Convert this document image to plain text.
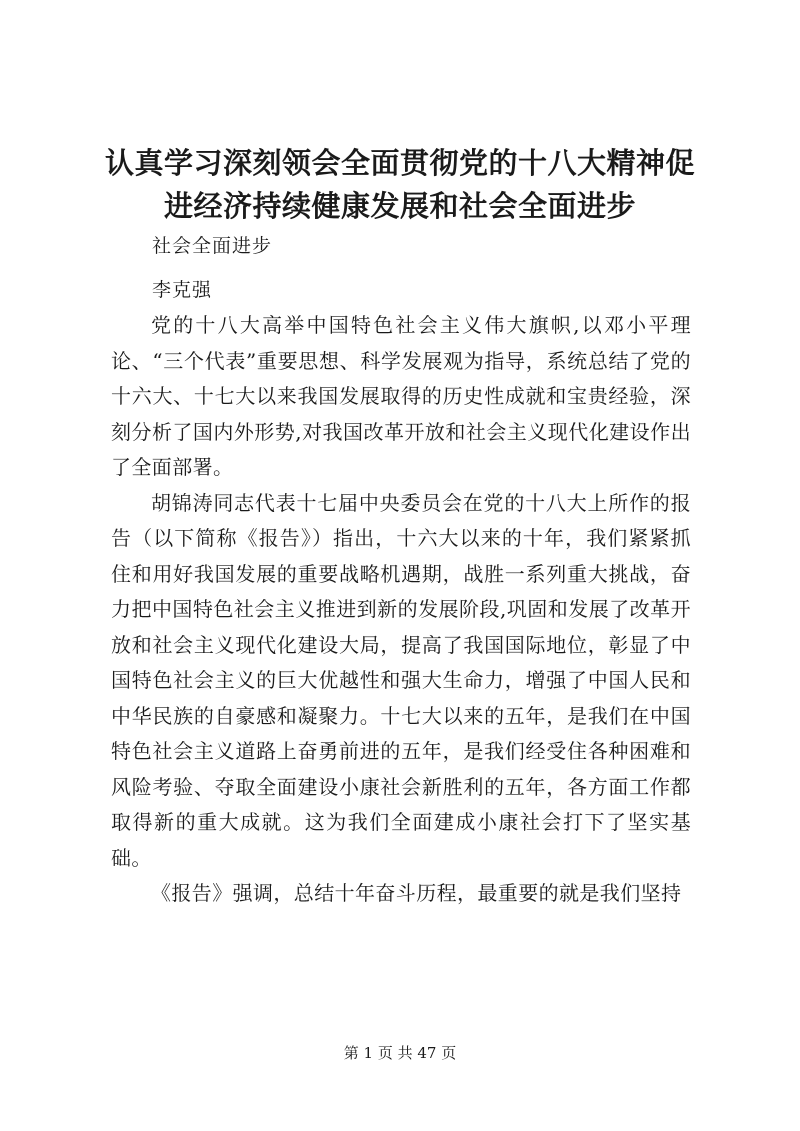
认真学习深刻领会全面贯彻党的十八大精神促进经济持续健康发展和社会全面进步

社会全面进步

李克强

党的十八大高举中国特色社会主义伟大旗帜,以邓小平理论、“三个代表”重要思想、科学发展观为指导，系统总结了党的十六大、十七大以来我国发展取得的历史性成就和宝贵经验，深刻分析了国内外形势,对我国改革开放和社会主义现代化建设作出了全面部署。

胡锦涛同志代表十七届中央委员会在党的十八大上所作的报告（以下简称《报告》）指出，十六大以来的十年，我们紧紧抓住和用好我国发展的重要战略机遇期，战胜一系列重大挑战，奋力把中国特色社会主义推进到新的发展阶段,巩固和发展了改革开放和社会主义现代化建设大局，提高了我国国际地位，彰显了中国特色社会主义的巨大优越性和强大生命力，增强了中国人民和中华民族的自豪感和凝聚力。十七大以来的五年，是我们在中国特色社会主义道路上奋勇前进的五年，是我们经受住各种困难和风险考验、夺取全面建设小康社会新胜利的五年，各方面工作都取得新的重大成就。这为我们全面建成小康社会打下了坚实基础。

《报告》强调，总结十年奋斗历程，最重要的就是我们坚持

第 1 页 共 47 页
